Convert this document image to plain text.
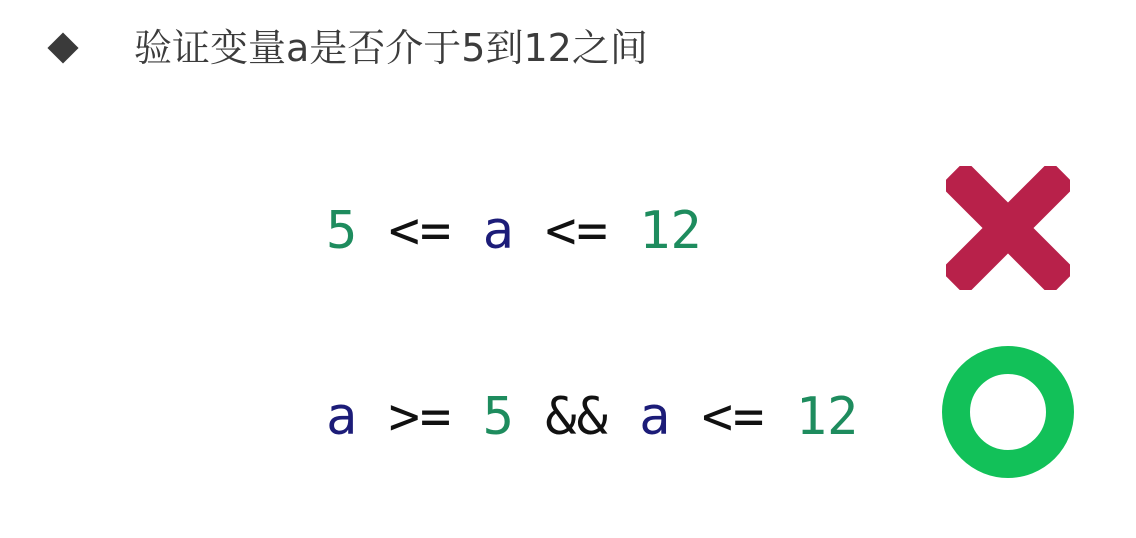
验证变量a是否介于5到12之间
5 <= a <= 12
a >= 5 && a <= 12
